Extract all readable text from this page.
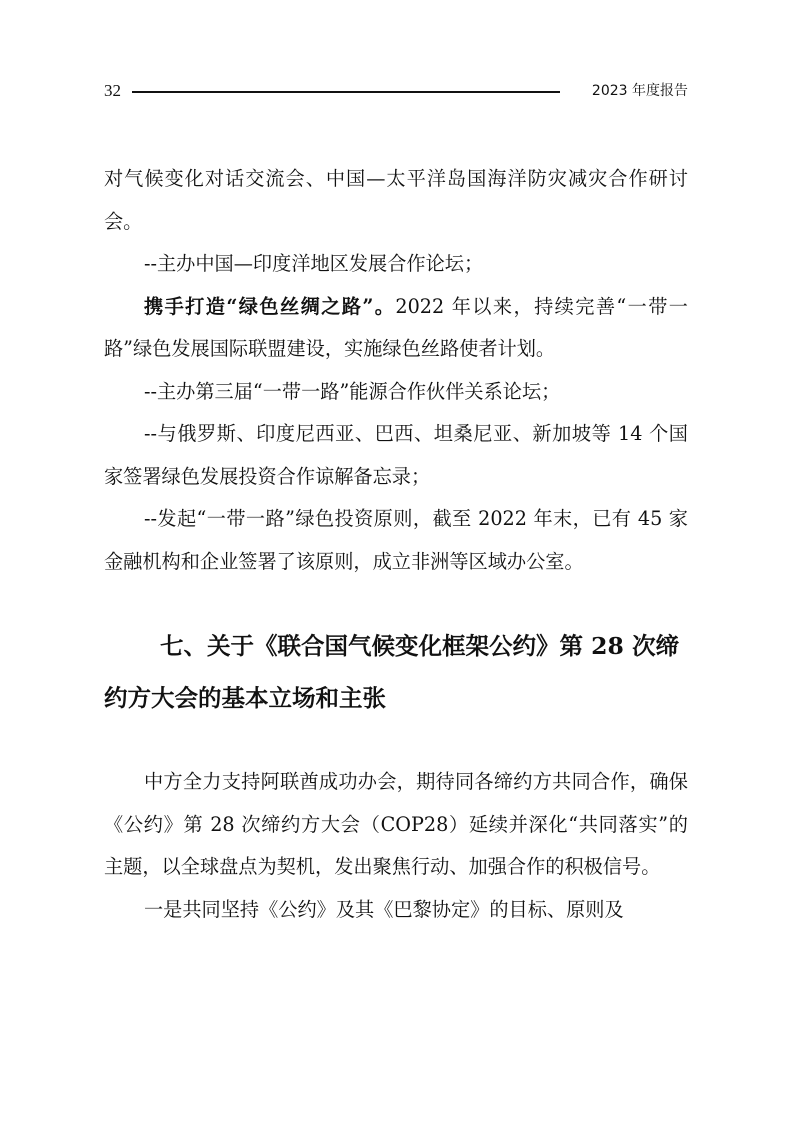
32	2023 年度报告

对气候变化对话交流会、中国—太平洋岛国海洋防灾减灾合作研讨会。

--主办中国—印度洋地区发展合作论坛；

携手打造“绿色丝绸之路”。2022 年以来，持续完善“一带一路”绿色发展国际联盟建设，实施绿色丝路使者计划。

--主办第三届“一带一路”能源合作伙伴关系论坛；

--与俄罗斯、印度尼西亚、巴西、坦桑尼亚、新加坡等 14 个国家签署绿色发展投资合作谅解备忘录；

--发起“一带一路”绿色投资原则，截至 2022 年末，已有 45 家金融机构和企业签署了该原则，成立非洲等区域办公室。

七、关于《联合国气候变化框架公约》第 28 次缔约方大会的基本立场和主张

中方全力支持阿联酋成功办会，期待同各缔约方共同合作，确保《公约》第 28 次缔约方大会（COP28）延续并深化“共同落实”的主题，以全球盘点为契机，发出聚焦行动、加强合作的积极信号。

一是共同坚持《公约》及其《巴黎协定》的目标、原则及
